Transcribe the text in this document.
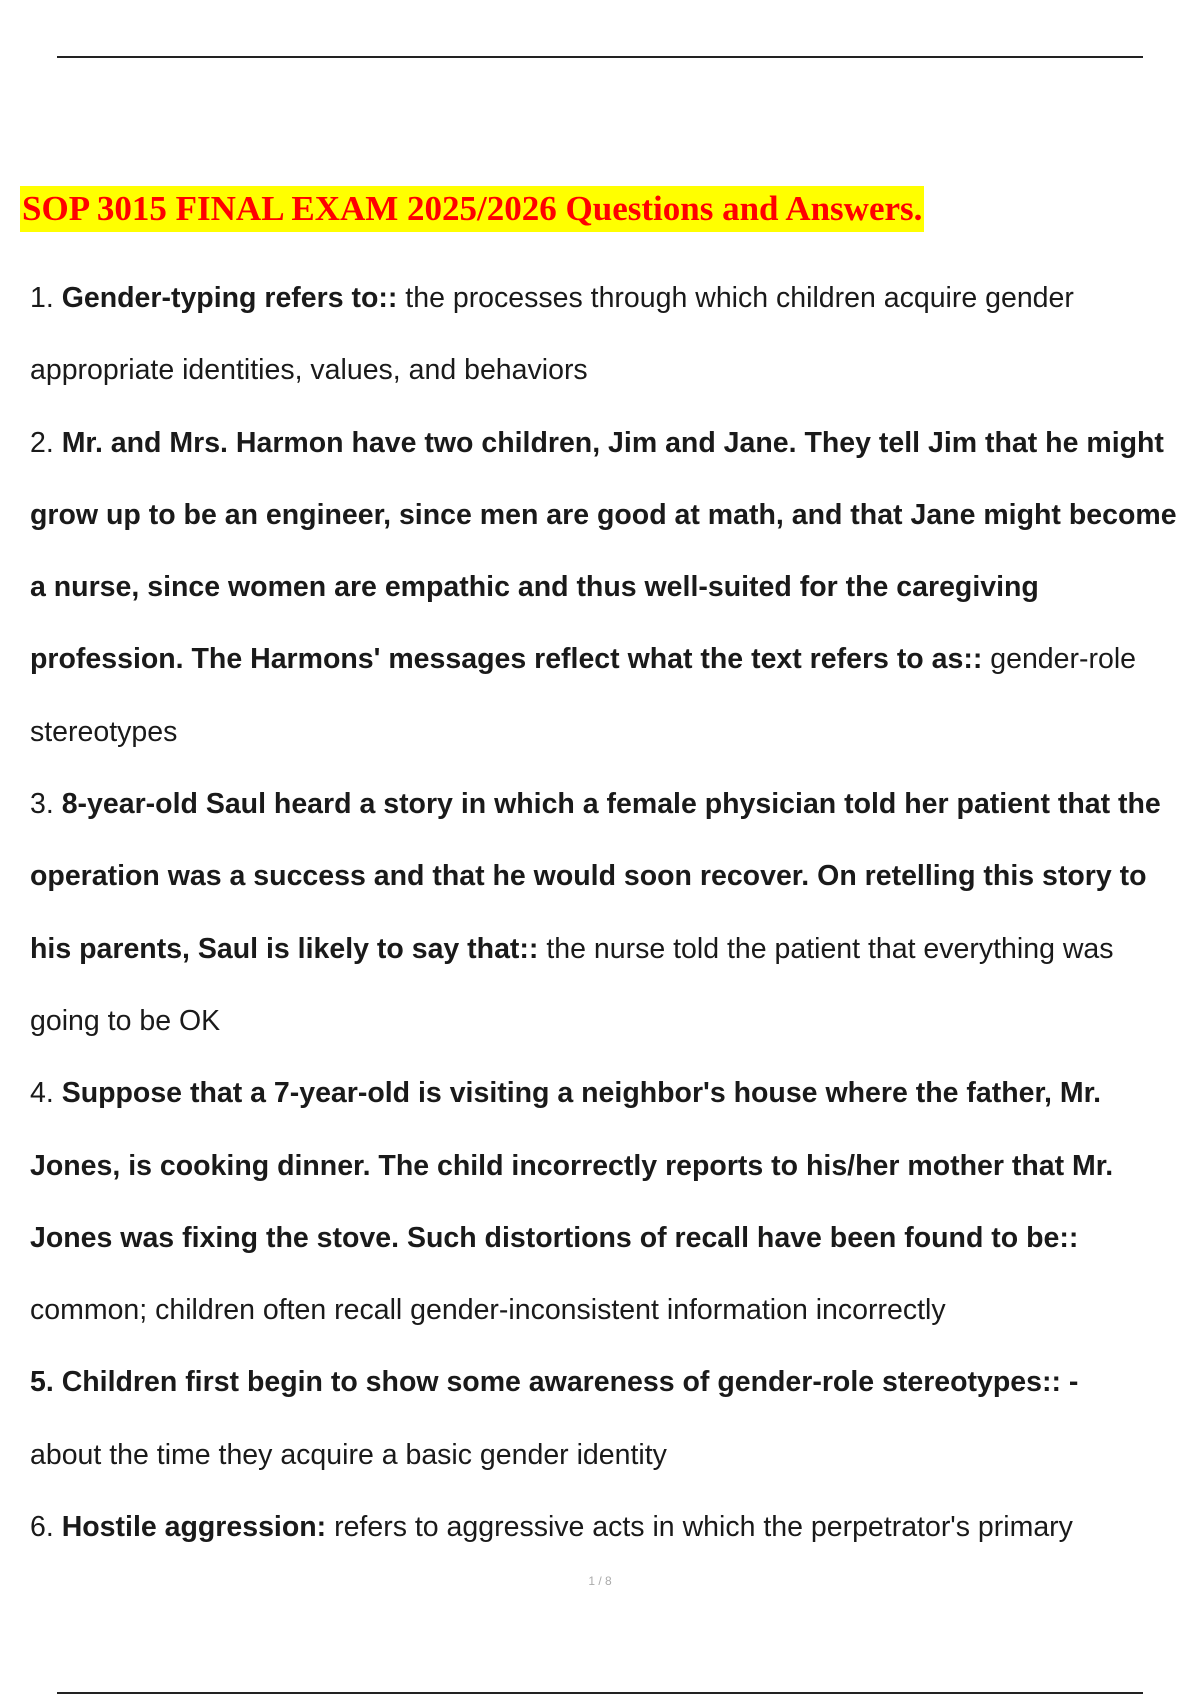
SOP 3015 FINAL EXAM 2025/2026 Questions and Answers.
1. Gender-typing refers to:: the processes through which children acquire gender appropriate identities, values, and behaviors
2. Mr. and Mrs. Harmon have two children, Jim and Jane. They tell Jim that he might grow up to be an engineer, since men are good at math, and that Jane might become a nurse, since women are empathic and thus well-suited for the caregiving profession. The Harmons' messages reflect what the text refers to as:: gender-role stereotypes
3. 8-year-old Saul heard a story in which a female physician told her patient that the operation was a success and that he would soon recover. On retelling this story to his parents, Saul is likely to say that:: the nurse told the patient that everything was going to be OK
4. Suppose that a 7-year-old is visiting a neighbor's house where the father, Mr. Jones, is cooking dinner. The child incorrectly reports to his/her mother that Mr. Jones was fixing the stove. Such distortions of recall have been found to be:: common; children often recall gender-inconsistent information incorrectly
5. Children first begin to show some awareness of gender-role stereotypes:: -
about the time they acquire a basic gender identity
6. Hostile aggression: refers to aggressive acts in which the perpetrator's primary
1 / 8
